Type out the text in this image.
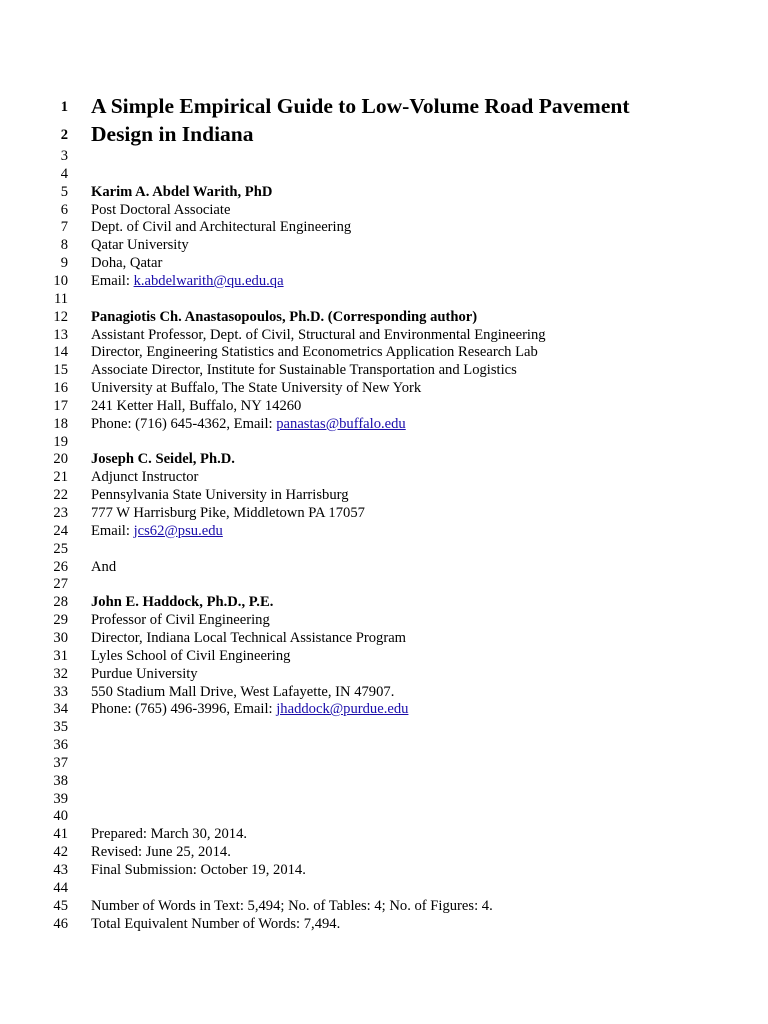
1 A Simple Empirical Guide to Low-Volume Road Pavement
2 Design in Indiana
3
4
5 Karim A. Abdel Warith, PhD
6 Post Doctoral Associate
7 Dept. of Civil and Architectural Engineering
8 Qatar University
9 Doha, Qatar
10 Email: k.abdelwarith@qu.edu.qa
11
12 Panagiotis Ch. Anastasopoulos, Ph.D. (Corresponding author)
13 Assistant Professor, Dept. of Civil, Structural and Environmental Engineering
14 Director, Engineering Statistics and Econometrics Application Research Lab
15 Associate Director, Institute for Sustainable Transportation and Logistics
16 University at Buffalo, The State University of New York
17 241 Ketter Hall, Buffalo, NY 14260
18 Phone: (716) 645-4362, Email: panastas@buffalo.edu
19
20 Joseph C. Seidel, Ph.D.
21 Adjunct Instructor
22 Pennsylvania State University in Harrisburg
23 777 W Harrisburg Pike, Middletown PA 17057
24 Email: jcs62@psu.edu
25
26 And
27
28 John E. Haddock, Ph.D., P.E.
29 Professor of Civil Engineering
30 Director, Indiana Local Technical Assistance Program
31 Lyles School of Civil Engineering
32 Purdue University
33 550 Stadium Mall Drive, West Lafayette, IN 47907.
34 Phone: (765) 496-3996, Email: jhaddock@purdue.edu
35
36
37
38
39
40
41 Prepared: March 30, 2014.
42 Revised: June 25, 2014.
43 Final Submission: October 19, 2014.
44
45 Number of Words in Text: 5,494; No. of Tables: 4; No. of Figures: 4.
46 Total Equivalent Number of Words: 7,494.
